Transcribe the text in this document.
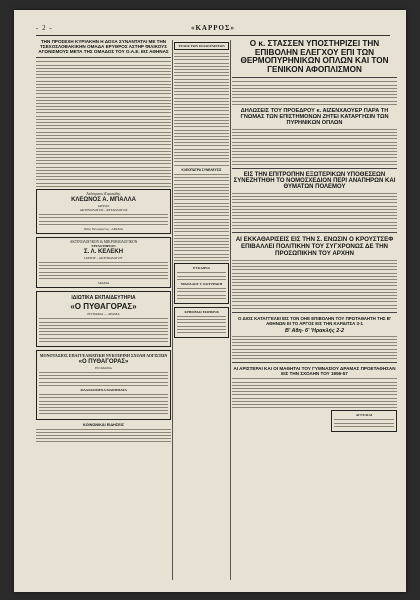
- 2 -	«ΚΑΡΡΟΣ»
ΤΗΝ ΠΡΟΣΕΧΗ ΚΥΡΙΑΚΗΝ Η ΔΟΞΑ ΣΥΝΑΝΤΑΤΑΙ ΜΕ ΤΗΝ ΤΣΕΧΟΣΛΟΒΑΚΙΚΗΝ ΟΜΑΔΑ ΕΡΥΘΡΟΣ ΑΣΤΗΡ ΦΙΛΙΚΟΥΣ ΑΓΩΝΙΣΜΟΥΣ ΜΕΤΑ ΤΗΣ ΟΜΑΔΟΣ ΤΟΥ Ο.Α.Ε. ΕΙΣ ΑΘΗΝΑΣ
Απόστρατος Κυριακίδης
ΚΛΕΩΝΟΣ Α. ΜΠΑΛΛΑ
ΙΑΤΡΟΣ
ΑΚΤΙΝΟΛΟΓΟΣ - ΦΥΣΙΟΛΟΓΟΣ
Οδός Ξενοφώντος - ΔΡΑΜΑ
ΑΚΤΙΝΟΛΟΓΙΚΟΝ & ΜΙΚΡΟΒΙΟΛΟΓΙΚΟΝ
ΕΡΓΑΣΤΗΡΙΟΝ
Σ. Λ. ΚΕΛΕΚΗ
ΙΑΤΡΟΥ - ΑΚΤΙΝΟΛΟΓΟΥ
ΔΡΑΜΑ
ΙΔΙΩΤΙΚΑ ΕΚΠΑΙΔΕΥΤΗΡΙΑ
«Ο ΠΥΘΑΓΟΡΑΣ»
ΕΓΓΡΑΦΑΙ — ΔΡΑΜΑ
ΜΟΝΟΤΑΞΙΟΣ ΕΠΑΓΓΕΛΜΑΤΙΚΗ ΝΥΚΤΕΡΙΝΗ ΣΧΟΛΗ ΛΟΓΙΣΤΩΝ
«Ο ΠΥΘΑΓΟΡΑΣ»
ΕΝ ΔΡΑΜΑ
ΔΙΔΑΣΚΟΜΕΝΑ ΜΑΘΗΜΑΤΑ
ΚΟΙΝΩΝΙΚΑΙ ΕΙΔΗΣΕΙΣ
ΤΕΛΟΣ ΤΩΝ ΙΣΟΔΟΥΛΙΣΤΩΝ
ΚΛΕΟΠΑΤΡΑ ΣΥΝΕΛΕΥΣΙΣ
ΕΥΚΑΙΡΙΑ
ΝΙΚΟΛΑΟΥ Γ. ΚΟΥΤΡΑΚΗ
ΧΡΗΣΙΜΑΙ ΕΙΔΗΣΕΙΣ
Ο κ. ΣΤΑΣΣΕΝ ΥΠΟΣΤΗΡΙΖΕΙ ΤΗΝ ΕΠΙΒΟΛΗΝ ΕΛΕΓΧΟΥ ΕΠΙ ΤΩΝ ΘΕΡΜΟΠΥΡΗΝΙΚΩΝ ΟΠΛΩΝ ΚΑΙ ΤΟΝ ΓΕΝΙΚΟΝ ΑΦΟΠΛΙΣΜΟΝ
ΔΗΛΩΣΕΙΣ ΤΟΥ ΠΡΟΕΔΡΟΥ κ. ΑΙΖΕΝΧΑΟΥΕΡ ΠΑΡΑ ΤΗ ΓΝΩΜΑΣ ΤΩΝ ΕΠΙΣΤΗΜΟΝΩΝ ΖΗΤΕΙ ΚΑΤΑΡΓΗΣΙΝ ΤΩΝ ΠΥΡΗΝΙΚΩΝ ΟΠΛΩΝ
ΕΙΣ ΤΗΝ ΕΠΙΤΡΟΠΗΝ ΕΞΩΤΕΡΙΚΩΝ ΥΠΟΘΕΣΕΩΝ ΣΥΝΕΖΗΤΗΘΗ ΤΟ ΝΟΜΟΣΧΕΔΙΟΝ ΠΕΡΙ ΑΝΑΠΗΡΩΝ ΚΑΙ ΘΥΜΑΤΩΝ ΠΟΛΕΜΟΥ
ΑΙ ΕΚΚΑΘΑΡΙΣΕΙΣ ΕΙΣ ΤΗΝ Σ. ΕΝΩΣΙΝ Ο ΚΡΟΥΣΤΣΕΦ ΕΠΙΒΑΛΛΕΙ ΠΟΛΙΤΙΚΗΝ ΤΟΥ ΣΥΓΧΡΟΝΩΣ ΔΕ ΤΗΝ ΠΡΟΣΩΠΙΚΗΝ ΤΟΥ ΑΡΧΗΝ
Ο ΔΙΟΣ ΚΑΤΑΓΓΕΛΕΙ ΕΙΣ ΤΟΝ ΟΗΕ ΕΠΙΒΟΛΗΝ ΤΟΥ ΠΡΩΤΑΘΛΗΤΗ ΤΗΣ Β' ΑΘΗΝΩΝ ΕΙ ΤΟ ΑΡΓΟΣ ΕΙΣ ΤΗΝ ΚΑΡΔΙΤΣΑ 3-1
Β' Αθη- 6' 'Ηρακλής 2-2
ΑΙ ΑΡΙΣΤΕΡΑΙ ΚΑΙ ΟΙ ΜΑΘΗΤΑΙ ΤΟΥ ΓΥΜΝΑΣΙΟΥ ΔΡΑΜΑΣ ΠΡΟΕΤΑΘΗΣΑΝ ΕΙΣ ΤΗΝ ΣΧΟΛΗΝ ΤΟΥ 1956-57
ΑΓΓΕΛΙΑΙ
